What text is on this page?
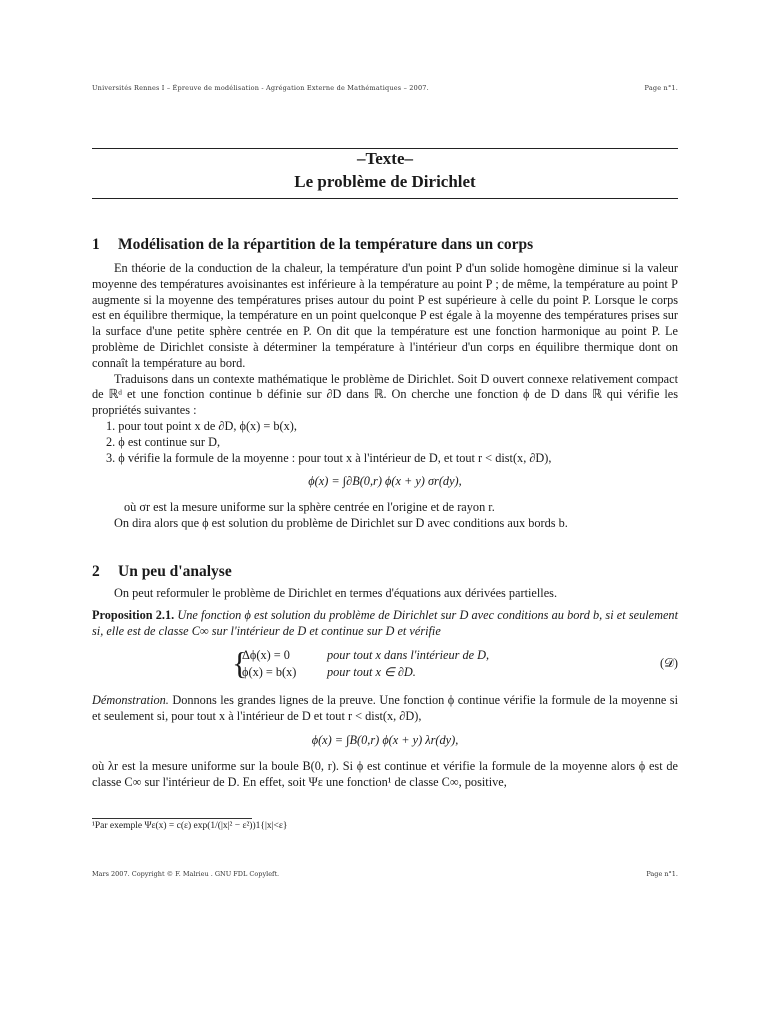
Universités Rennes I – Épreuve de modélisation - Agrégation Externe de Mathématiques – 2007.	Page n°1.
–Texte–
Le problème de Dirichlet
1 Modélisation de la répartition de la température dans un corps

En théorie de la conduction de la chaleur, la température d'un point P d'un solide homogène diminue si la valeur moyenne des températures avoisinantes est inférieure à la température au point P ; de même, la température au point P augmente si la moyenne des températures prises autour du point P est supérieure à celle du point P. Lorsque le corps est en équilibre thermique, la température en un point quelconque P est égale à la moyenne des températures prises sur la surface d'une petite sphère centrée en P. On dit que la température est une fonction harmonique au point P. Le problème de Dirichlet consiste à déterminer la température à l'intérieur d'un corps en équilibre thermique dont on connaît la température au bord.

Traduisons dans un contexte mathématique le problème de Dirichlet. Soit D ouvert connexe relativement compact de ℝᵈ et une fonction continue b définie sur ∂D dans ℝ. On cherche une fonction ϕ de D dans ℝ qui vérifie les propriétés suivantes :

1. pour tout point x de ∂D, ϕ(x) = b(x),
2. ϕ est continue sur D,
3. ϕ vérifie la formule de la moyenne : pour tout x à l'intérieur de D, et tout r < dist(x, ∂D),
ϕ(x) = ∫∂B(0,r) ϕ(x + y) σr(dy),

où σr est la mesure uniforme sur la sphère centrée en l'origine et de rayon r.

On dira alors que ϕ est solution du problème de Dirichlet sur D avec conditions aux bords b.

2 Un peu d'analyse

On peut reformuler le problème de Dirichlet en termes d'équations aux dérivées partielles.

Proposition 2.1. Une fonction ϕ est solution du problème de Dirichlet sur D avec conditions au bord b, si et seulement si, elle est de classe C∞ sur l'intérieur de D et continue sur D et vérifie

{
Δϕ(x) = 0	pour tout x dans l'intérieur de D,
ϕ(x) = b(x)	pour tout x ∈ ∂D.
(𝒟)

Démonstration. Donnons les grandes lignes de la preuve. Une fonction ϕ continue vérifie la formule de la moyenne si et seulement si, pour tout x à l'intérieur de D et tout r < dist(x, ∂D),

ϕ(x) = ∫B(0,r) ϕ(x + y) λr(dy),

où λr est la mesure uniforme sur la boule B(0, r). Si ϕ est continue et vérifie la formule de la moyenne alors ϕ est de classe C∞ sur l'intérieur de D. En effet, soit Ψε une fonction¹ de classe C∞, positive,

¹Par exemple Ψε(x) = c(ε) exp(1/(|x|² − ε²))1{|x|<ε}
Mars 2007. Copyright © F. Malrieu . GNU FDL Copyleft.	Page n°1.
